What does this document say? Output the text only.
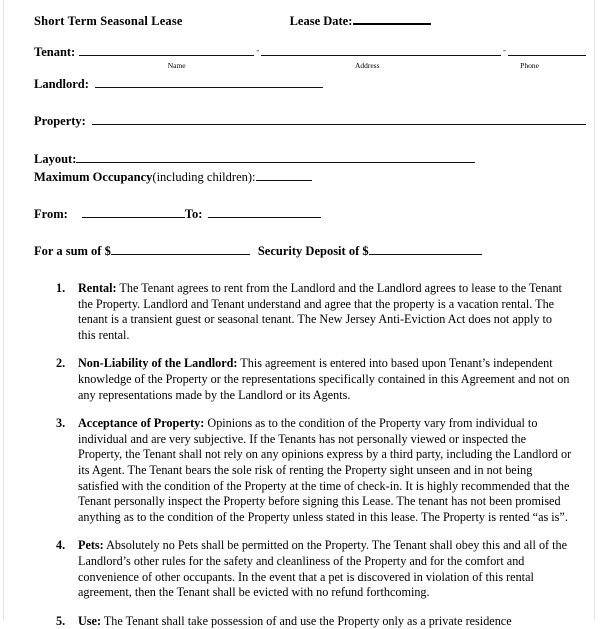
Short Term Seasonal Lease	Lease Date:
Tenant:	-	-
Name	Address	Phone
Landlord:
Property:
Layout:
Maximum Occupancy (including children):
From:	To:
For a sum of $	Security Deposit of $
Rental: The Tenant agrees to rent from the Landlord and the Landlord agrees to lease to the Tenant the Property. Landlord and Tenant understand and agree that the property is a vacation rental. The tenant is a transient guest or seasonal tenant. The New Jersey Anti-Eviction Act does not apply to this rental.
Non-Liability of the Landlord: This agreement is entered into based upon Tenant’s independent knowledge of the Property or the representations specifically contained in this Agreement and not on any representations made by the Landlord or its Agents.
Acceptance of Property: Opinions as to the condition of the Property vary from individual to individual and are very subjective. If the Tenants has not personally viewed or inspected the Property, the Tenant shall not rely on any opinions express by a third party, including the Landlord or its Agent. The Tenant bears the sole risk of renting the Property sight unseen and in not being satisfied with the condition of the Property at the time of check-in. It is highly recommended that the Tenant personally inspect the Property before signing this Lease. The tenant has not been promised anything as to the condition of the Property unless stated in this lease. The Property is rented “as is”.
Pets: Absolutely no Pets shall be permitted on the Property. The Tenant shall obey this and all of the Landlord’s other rules for the safety and cleanliness of the Property and for the comfort and convenience of other occupants. In the event that a pet is discovered in violation of this rental agreement, then the Tenant shall be evicted with no refund forthcoming.
Use: The Tenant shall take possession of and use the Property only as a private residence
